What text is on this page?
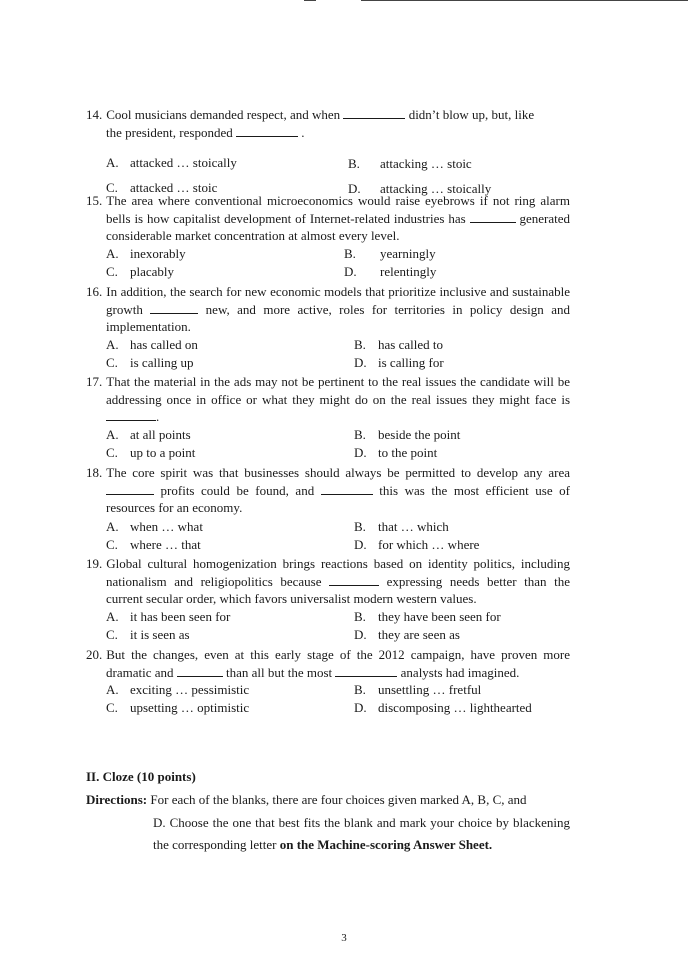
14. Cool musicians demanded respect, and when	didn’t blow up, but, like
the president, responded	.
A. attacked … stoically	B. attacking … stoic
C. attacked … stoic	D. attacking … stoically
15. The area where conventional microeconomics would raise eyebrows if not ring alarm bells is how capitalist development of Internet-related industries has	generated considerable market concentration at almost every level.
A. inexorably	B. yearningly
C. placably	D. relentingly
16. In addition, the search for new economic models that prioritize inclusive and sustainable growth	new, and more active, roles for territories in policy design and implementation.
A. has called on	B. has called to
C. is calling up	D. is calling for
17. That the material in the ads may not be pertinent to the real issues the candidate will be addressing once in office or what they might do on the real issues they might face is .
A. at all points	B. beside the point
C. up to a point	D. to the point
18. The core spirit was that businesses should always be permitted to develop any area  profits could be found, and	this was the most efficient use of resources for an economy.
A. when … what	B. that … which
C. where … that	D. for which … where
19. Global cultural homogenization brings reactions based on identity politics, including nationalism and religiopolitics because	expressing needs better than the current secular order, which favors universalist modern western values.
A. it has been seen for	B. they have been seen for
C. it is seen as	D. they are seen as
20. But the changes, even at this early stage of the 2012 campaign, have proven more dramatic and	than all but the most	analysts had imagined.
A. exciting … pessimistic	B. unsettling … fretful
C. upsetting … optimistic	D. discomposing … lighthearted
II. Cloze (10 points)
Directions: For each of the blanks, there are four choices given marked A, B, C, and
D. Choose the one that best fits the blank and mark your choice by blackening the corresponding letter on the Machine-scoring Answer Sheet.
3
